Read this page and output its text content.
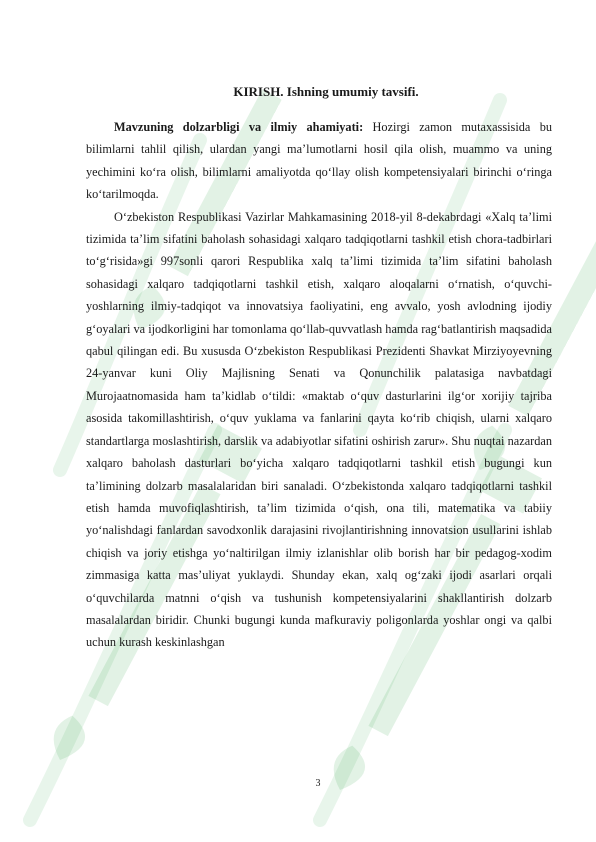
KIRISH. Ishning umumiy tavsifi.

Mavzuning dolzarbligi va ilmiy ahamiyati: Hozirgi zamon mutaxassisida bu bilimlarni tahlil qilish, ulardan yangi ma’lumotlarni hosil qila olish, muammo va uning yechimini ko‘ra olish, bilimlarni amaliyotda qo‘llay olish kompetensiyalari birinchi o‘ringa ko‘tarilmoqda.

O‘zbekiston Respublikasi Vazirlar Mahkamasining 2018-yil 8-dekabrdagi «Xalq ta’limi tizimida ta’lim sifatini baholash sohasidagi xalqaro tadqiqotlarni tashkil etish chora-tadbirlari to‘g‘risida»gi 997sonli qarori Respublika xalq ta’limi tizimida ta’lim sifatini baholash sohasidagi xalqaro tadqiqotlarni tashkil etish, xalqaro aloqalarni o‘rnatish, o‘quvchi-yoshlarning ilmiy-tadqiqot va innovatsiya faoliyatini, eng avvalo, yosh avlodning ijodiy g‘oyalari va ijodkorligini har tomonlama qo‘llab-quvvatlash hamda rag‘batlantirish maqsadida qabul qilingan edi. Bu xususda O‘zbekiston Respublikasi Prezidenti Shavkat Mirziyoyevning 24-yanvar kuni Oliy Majlisning Senati va Qonunchilik palatasiga navbatdagi Murojaatnomasida ham ta’kidlab o‘tildi: «maktab o‘quv dasturlarini ilg‘or xorijiy tajriba asosida takomillashtirish, o‘quv yuklama va fanlarini qayta ko‘rib chiqish, ularni xalqaro standartlarga moslashtirish, darslik va adabiyotlar sifatini oshirish zarur». Shu nuqtai nazardan xalqaro baholash dasturlari bo‘yicha xalqaro tadqiqotlarni tashkil etish bugungi kun ta’limining dolzarb masalalaridan biri sanaladi. O‘zbekistonda xalqaro tadqiqotlarni tashkil etish hamda muvofiqlashtirish, ta’lim tizimida o‘qish, ona tili, matematika va tabiiy yo‘nalishdagi fanlardan savodxonlik darajasini rivojlantirishning innovatsion usullarini ishlab chiqish va joriy etishga yo‘naltirilgan ilmiy izlanishlar olib borish har bir pedagog-xodim zimmasiga katta mas’uliyat yuklaydi. Shunday ekan, xalq og‘zaki ijodi asarlari orqali o‘quvchilarda matnni o‘qish va tushunish kompetensiyalarini shakllantirish dolzarb masalalardan biridir. Chunki bugungi kunda mafkuraviy poligonlarda yoshlar ongi va qalbi uchun kurash keskinlashgan

3
